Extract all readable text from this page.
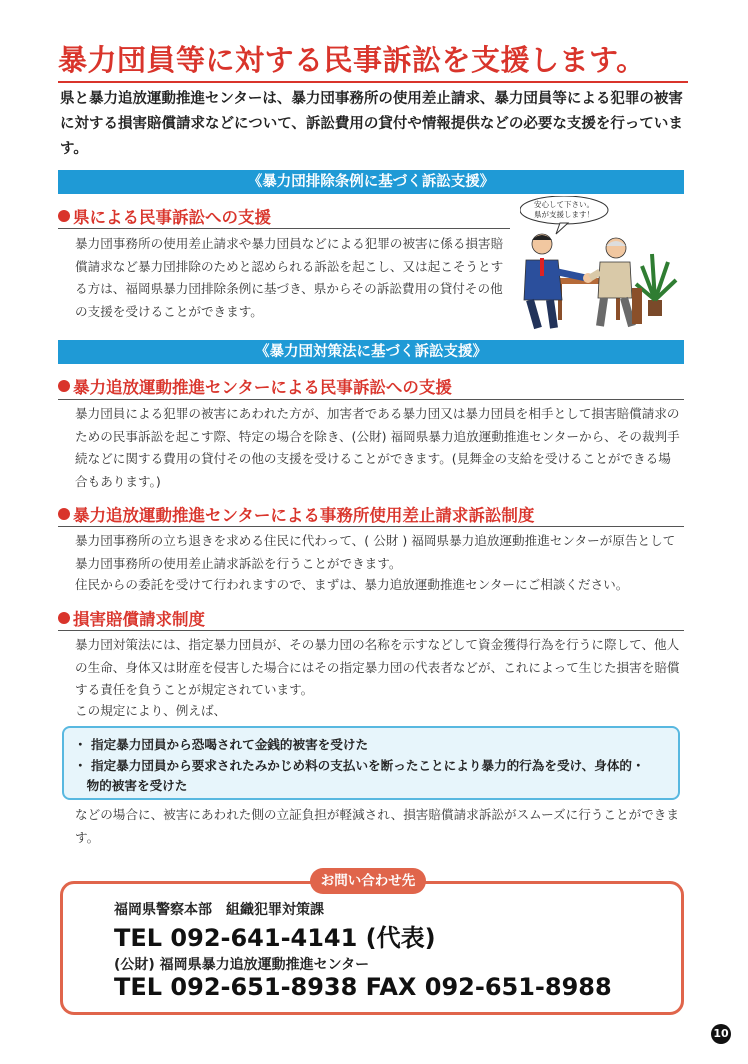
暴力団員等に対する民事訴訟を支援します。
県と暴力追放運動推進センターは、暴力団事務所の使用差止請求、暴力団員等による犯罪の被害に対する損害賠償請求などについて、訴訟費用の貸付や情報提供などの必要な支援を行っています。
《暴力団排除条例に基づく訴訟支援》
県による民事訴訟への支援
暴力団事務所の使用差止請求や暴力団員などによる犯罪の被害に係る損害賠償請求など暴力団排除のためと認められる訴訟を起こし、又は起こそうとする方は、福岡県暴力団排除条例に基づき、県からその訴訟費用の貸付その他の支援を受けることができます。
安心して下さい。
県が支援します！
《暴力団対策法に基づく訴訟支援》
暴力追放運動推進センターによる民事訴訟への支援
暴力団員による犯罪の被害にあわれた方が、加害者である暴力団又は暴力団員を相手として損害賠償請求のための民事訴訟を起こす際、特定の場合を除き、(公財) 福岡県暴力追放運動推進センターから、その裁判手続などに関する費用の貸付その他の支援を受けることができます。(見舞金の支給を受けることができる場合もあります。)
暴力追放運動推進センターによる事務所使用差止請求訴訟制度
暴力団事務所の立ち退きを求める住民に代わって、( 公財 ) 福岡県暴力追放運動推進センターが原告として暴力団事務所の使用差止請求訴訟を行うことができます。
住民からの委託を受けて行われますので、まずは、暴力追放運動推進センターにご相談ください。
損害賠償請求制度
暴力団対策法には、指定暴力団員が、その暴力団の名称を示すなどして資金獲得行為を行うに際して、他人の生命、身体又は財産を侵害した場合にはその指定暴力団の代表者などが、これによって生じた損害を賠償する責任を負うことが規定されています。
この規定により、例えば、
・ 指定暴力団員から恐喝されて金銭的被害を受けた
・ 指定暴力団員から要求されたみかじめ料の支払いを断ったことにより暴力的行為を受け、身体的・
　物的被害を受けた
などの場合に、被害にあわれた側の立証負担が軽減され、損害賠償請求訴訟がスムーズに行うことができます。
お問い合わせ先
福岡県警察本部　組織犯罪対策課
TEL 092-641-4141 (代表)
(公財) 福岡県暴力追放運動推進センター
TEL 092-651-8938 FAX 092-651-8988
10
